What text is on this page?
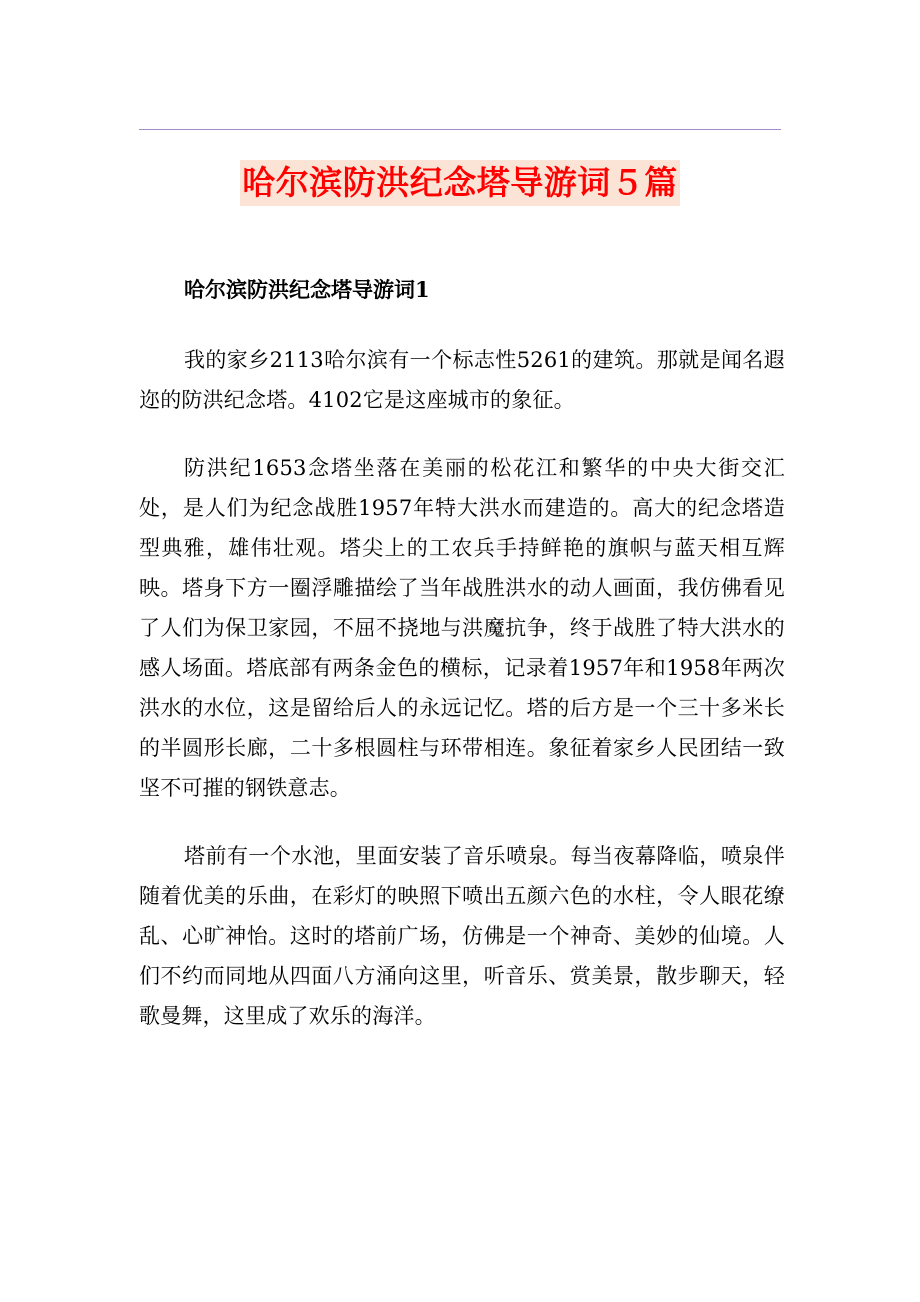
哈尔滨防洪纪念塔导游词５篇

哈尔滨防洪纪念塔导游词1

我的家乡2113哈尔滨有一个标志性5261的建筑。那就是闻名遐迩的防洪纪念塔。4102它是这座城市的象征。

防洪纪1653念塔坐落在美丽的松花江和繁华的中央大街交汇处，是人们为纪念战胜1957年特大洪水而建造的。高大的纪念塔造型典雅，雄伟壮观。塔尖上的工农兵手持鲜艳的旗帜与蓝天相互辉映。塔身下方一圈浮雕描绘了当年战胜洪水的动人画面，我仿佛看见了人们为保卫家园，不屈不挠地与洪魔抗争，终于战胜了特大洪水的感人场面。塔底部有两条金色的横标，记录着1957年和1958年两次洪水的水位，这是留给后人的永远记忆。塔的后方是一个三十多米长的半圆形长廊，二十多根圆柱与环带相连。象征着家乡人民团结一致坚不可摧的钢铁意志。

塔前有一个水池，里面安装了音乐喷泉。每当夜幕降临，喷泉伴随着优美的乐曲，在彩灯的映照下喷出五颜六色的水柱，令人眼花缭乱、心旷神怡。这时的塔前广场，仿佛是一个神奇、美妙的仙境。人们不约而同地从四面八方涌向这里，听音乐、赏美景，散步聊天，轻歌曼舞，这里成了欢乐的海洋。
